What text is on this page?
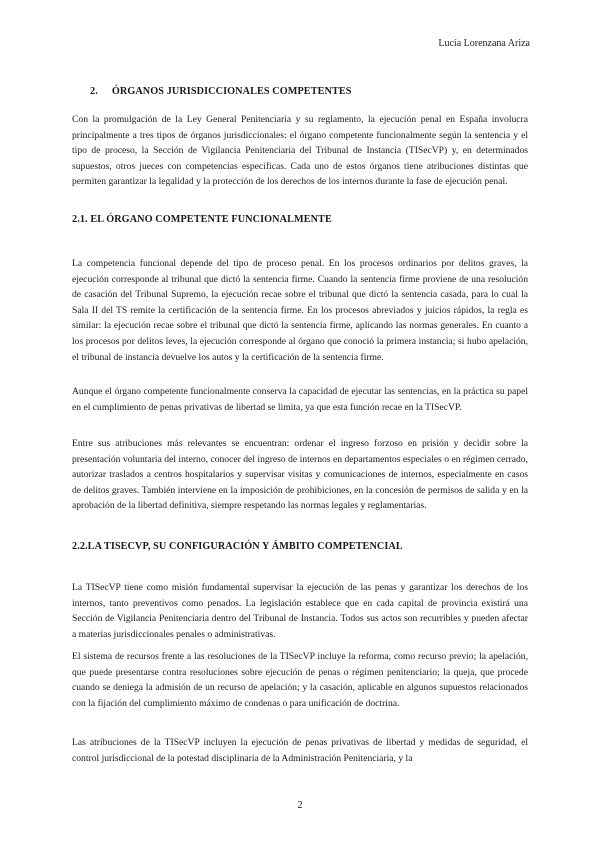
Lucía Lorenzana Ariza
2. ÓRGANOS JURISDICCIONALES COMPETENTES

Con la promulgación de la Ley General Penitenciaria y su reglamento, la ejecución penal en España involucra principalmente a tres tipos de órganos jurisdiccionales: el órgano competente funcionalmente según la sentencia y el tipo de proceso, la Sección de Vigilancia Penitenciaria del Tribunal de Instancia (TISecVP) y, en determinados supuestos, otros jueces con competencias específicas. Cada uno de estos órganos tiene atribuciones distintas que permiten garantizar la legalidad y la protección de los derechos de los internos durante la fase de ejecución penal.

2.1. EL ÓRGANO COMPETENTE FUNCIONALMENTE

La competencia funcional depende del tipo de proceso penal. En los procesos ordinarios por delitos graves, la ejecución corresponde al tribunal que dictó la sentencia firme. Cuando la sentencia firme proviene de una resolución de casación del Tribunal Supremo, la ejecución recae sobre el tribunal que dictó la sentencia casada, para lo cual la Sala II del TS remite la certificación de la sentencia firme. En los procesos abreviados y juicios rápidos, la regla es similar: la ejecución recae sobre el tribunal que dictó la sentencia firme, aplicando las normas generales. En cuanto a los procesos por delitos leves, la ejecución corresponde al órgano que conoció la primera instancia; si hubo apelación, el tribunal de instancia devuelve los autos y la certificación de la sentencia firme.

Aunque el órgano competente funcionalmente conserva la capacidad de ejecutar las sentencias, en la práctica su papel en el cumplimiento de penas privativas de libertad se limita, ya que esta función recae en la TISecVP.

Entre sus atribuciones más relevantes se encuentran: ordenar el ingreso forzoso en prisión y decidir sobre la presentación voluntaria del interno, conocer del ingreso de internos en departamentos especiales o en régimen cerrado, autorizar traslados a centros hospitalarios y supervisar visitas y comunicaciones de internos, especialmente en casos de delitos graves. También interviene en la imposición de prohibiciones, en la concesión de permisos de salida y en la aprobación de la libertad definitiva, siempre respetando las normas legales y reglamentarias.

2.2.LA TISECVP, SU CONFIGURACIÓN Y ÁMBITO COMPETENCIAL

La TISecVP tiene como misión fundamental supervisar la ejecución de las penas y garantizar los derechos de los internos, tanto preventivos como penados. La legislación establece que en cada capital de provincia existirá una Sección de Vigilancia Penitenciaria dentro del Tribunal de Instancia. Todos sus actos son recurribles y pueden afectar a materias jurisdiccionales penales o administrativas.

El sistema de recursos frente a las resoluciones de la TISecVP incluye la reforma, como recurso previo; la apelación, que puede presentarse contra resoluciones sobre ejecución de penas o régimen penitenciario; la queja, que procede cuando se deniega la admisión de un recurso de apelación; y la casación, aplicable en algunos supuestos relacionados con la fijación del cumplimiento máximo de condenas o para unificación de doctrina.

Las atribuciones de la TISecVP incluyen la ejecución de penas privativas de libertad y medidas de seguridad, el control jurisdiccional de la potestad disciplinaria de la Administración Penitenciaria, y la

2
